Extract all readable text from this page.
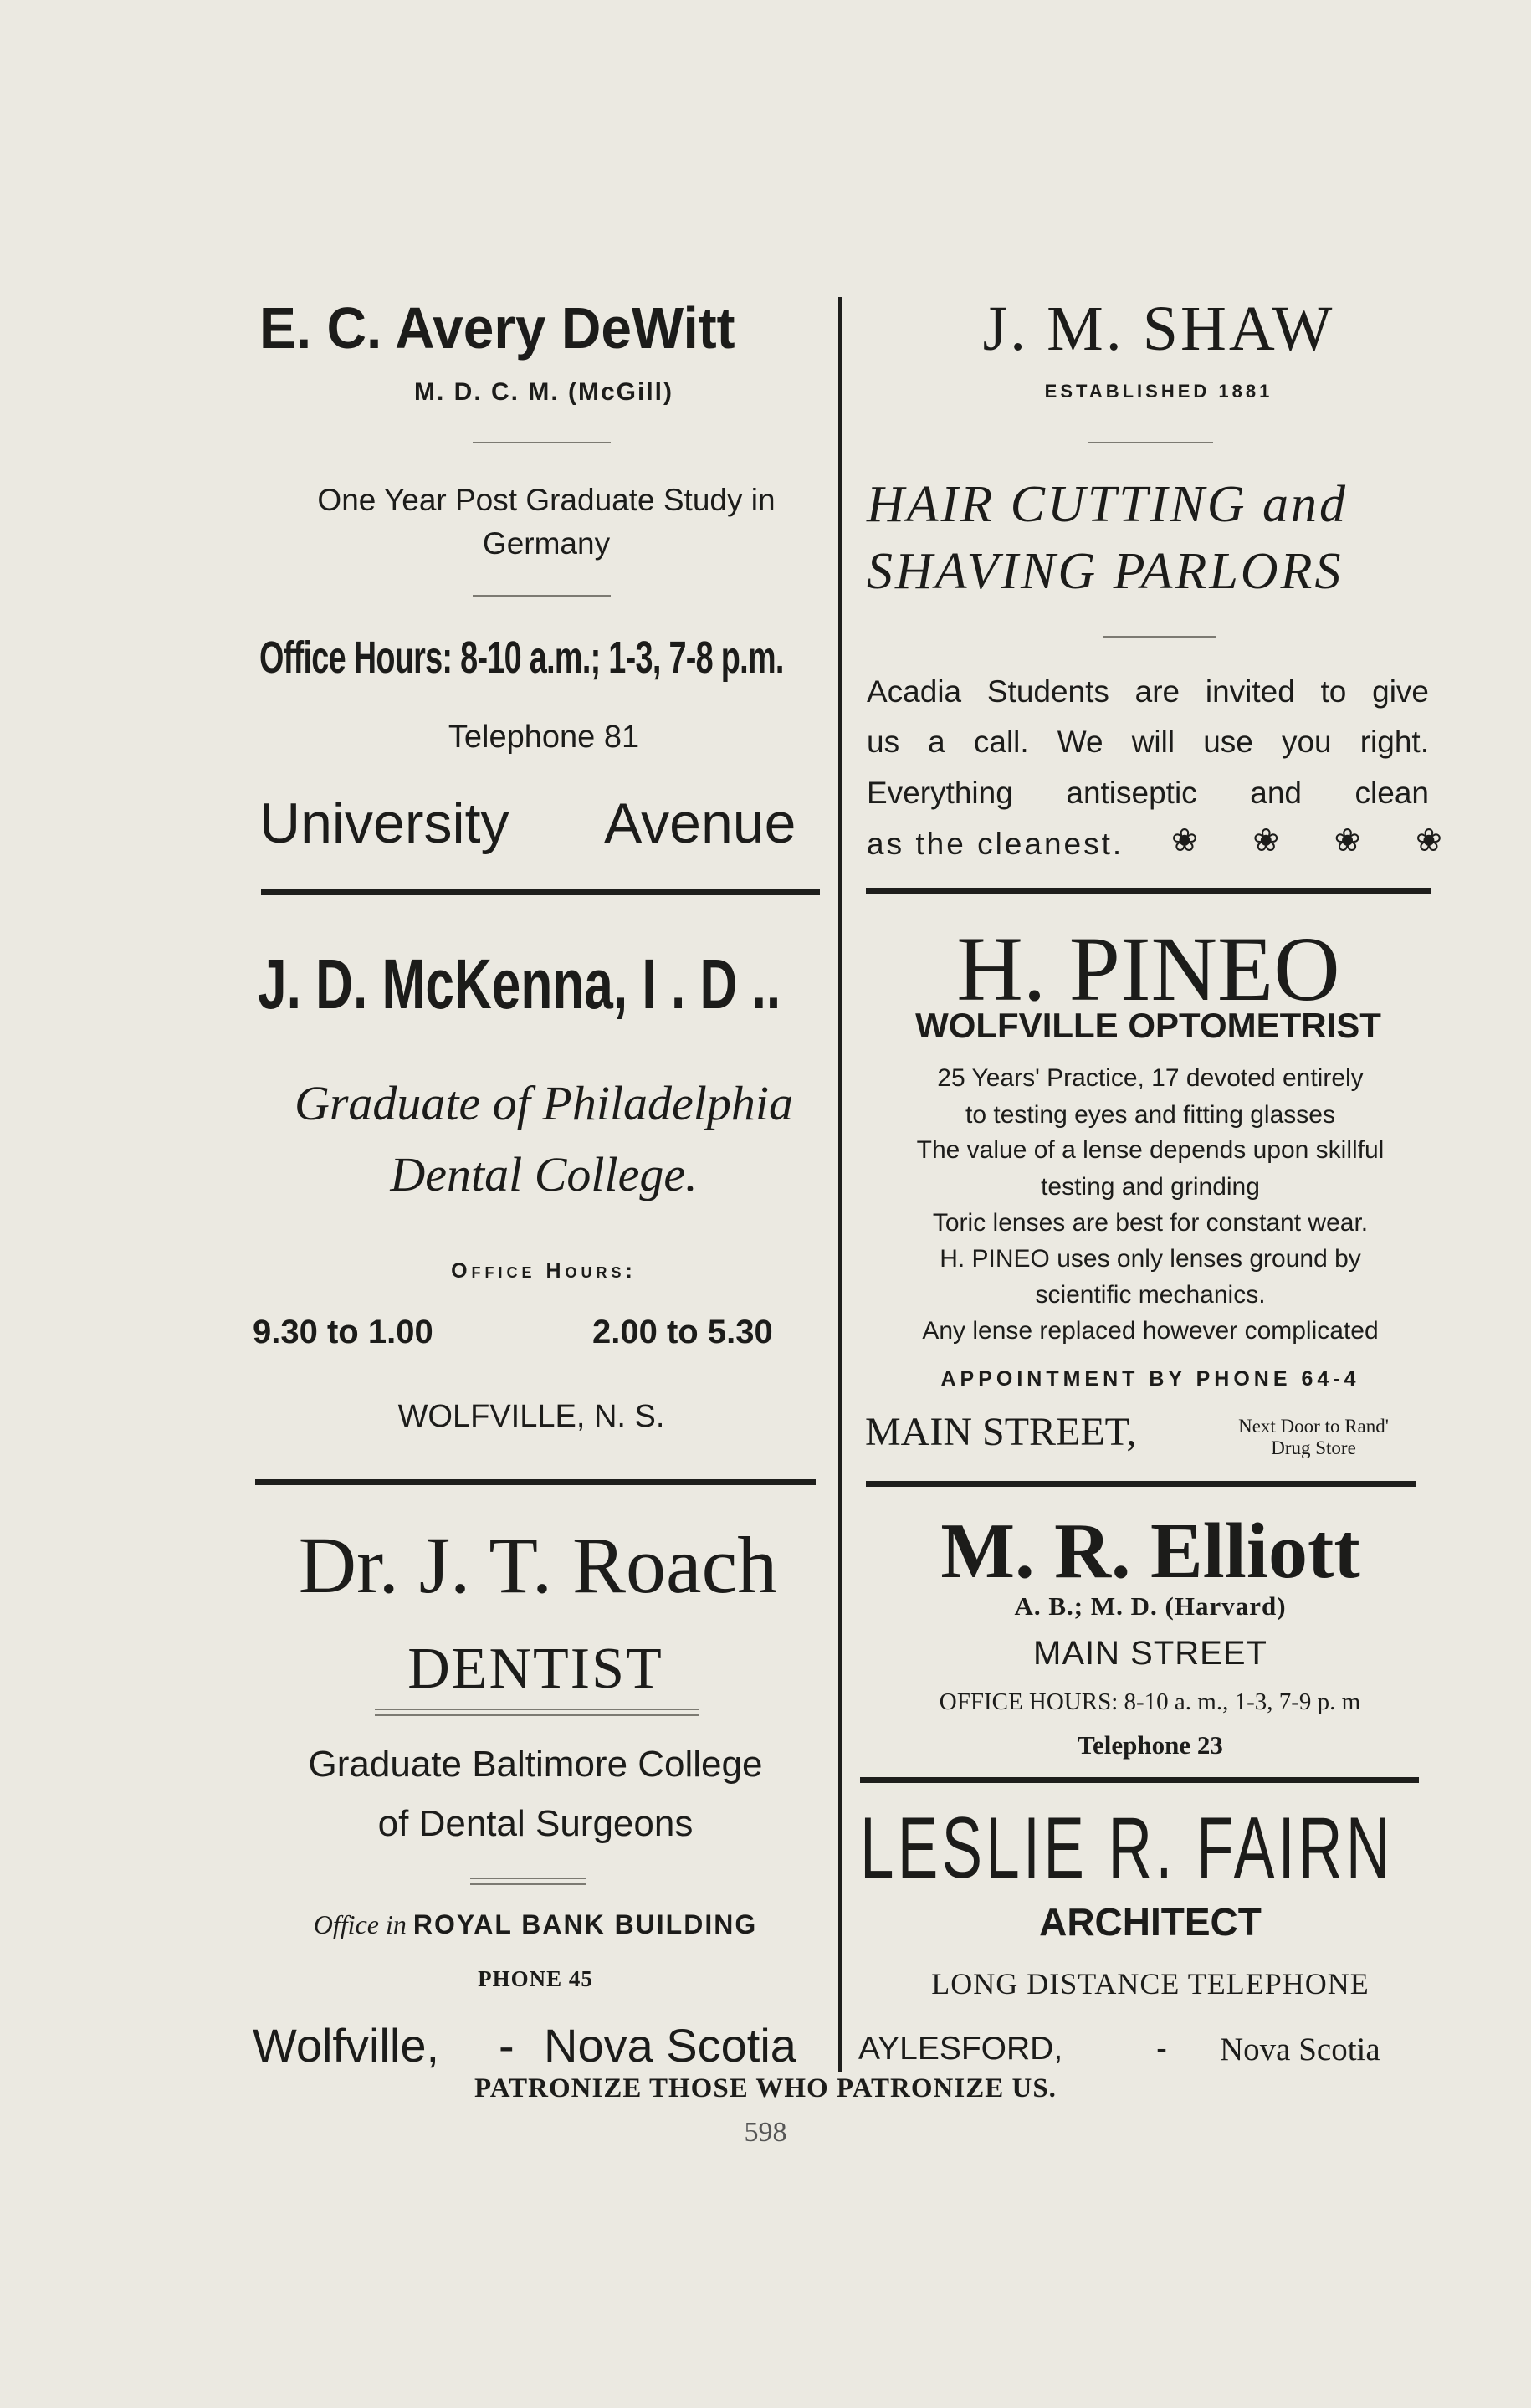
E. C. Avery DeWitt
M. D. C. M. (McGill)
One Year Post Graduate Study in Germany
Office Hours: 8-10 a.m.; 1-3, 7-8 p.m.
Telephone 81
University Avenue
J. D. McKenna, I . D ..
Graduate of Philadelphia
Dental College.
Office Hours:
9.30 to 1.00	2.00 to 5.30
WOLFVILLE, N. S.
Dr. J. T. Roach
DENTIST
Graduate Baltimore College
of Dental Surgeons
Office in ROYAL BANK BUILDING
PHONE 45
Wolfville, - Nova Scotia
J. M. SHAW
ESTABLISHED 1881
HAIR CUTTING and
SHAVING PARLORS
Acadia Students are invited to give
us a call. We will use you right.
Everything antiseptic and clean
as the cleanest. ❀ ❀ ❀ ❀
H. PINEO
WOLFVILLE OPTOMETRIST
25 Years' Practice, 17 devoted entirely
to testing eyes and fitting glasses
The value of a lense depends upon skillful
testing and grinding
Toric lenses are best for constant wear.
H. PINEO uses only lenses ground by
scientific mechanics.
Any lense replaced however complicated
APPOINTMENT BY PHONE 64-4
MAIN STREET,	Next Door to Rand'
Drug Store
M. R. Elliott
A. B.; M. D. (Harvard)
MAIN STREET
OFFICE HOURS: 8-10 a. m., 1-3, 7-9 p. m
Telephone 23
LESLIE R. FAIRN
ARCHITECT
LONG DISTANCE TELEPHONE
AYLESFORD,	- Nova Scotia
PATRONIZE THOSE WHO PATRONIZE US.
598
